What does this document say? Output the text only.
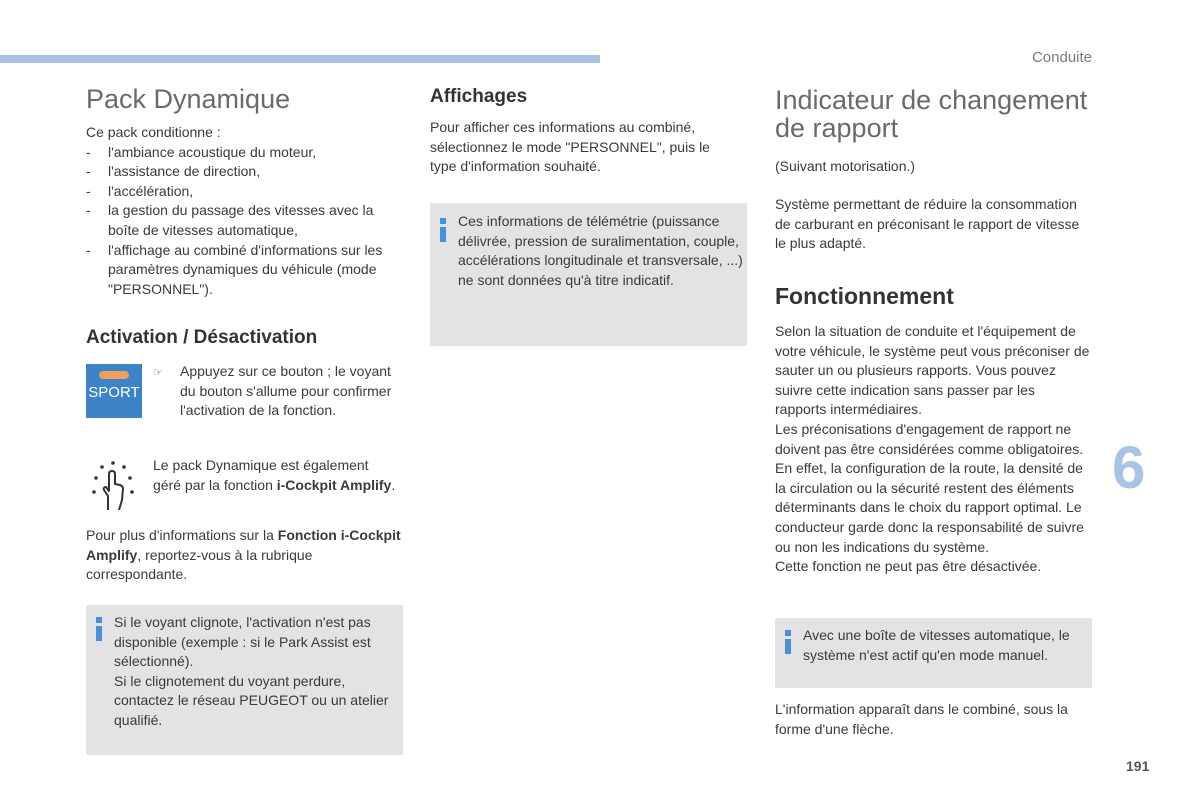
Conduite
6
191
Pack Dynamique

Ce pack conditionne :

- l'ambiance acoustique du moteur,
- l'assistance de direction,
- l'accélération,
- la gestion du passage des vitesses avec la boîte de vitesses automatique,
- l'affichage au combiné d'informations sur les paramètres dynamiques du véhicule (mode "PERSONNEL").
Activation / Désactivation
SPORT
☞ Appuyez sur ce bouton ; le voyant du bouton s'allume pour confirmer l'activation de la fonction.

Le pack Dynamique est également géré par la fonction i-Cockpit Amplify.

Pour plus d'informations sur la Fonction i-Cockpit Amplify, reportez-vous à la rubrique correspondante.

Si le voyant clignote, l'activation n'est pas disponible (exemple : si le Park Assist est sélectionné).

Si le clignotement du voyant perdure, contactez le réseau PEUGEOT ou un atelier qualifié.

Affichages

Pour afficher ces informations au combiné, sélectionnez le mode "PERSONNEL", puis le type d'information souhaité.

Ces informations de télémétrie (puissance délivrée, pression de suralimentation, couple, accélérations longitudinale et transversale, ...) ne sont données qu'à titre indicatif.

Indicateur de changement de rapport

(Suivant motorisation.)

Système permettant de réduire la consommation de carburant en préconisant le rapport de vitesse le plus adapté.

Fonctionnement

Selon la situation de conduite et l'équipement de votre véhicule, le système peut vous préconiser de sauter un ou plusieurs rapports. Vous pouvez suivre cette indication sans passer par les rapports intermédiaires.

Les préconisations d'engagement de rapport ne doivent pas être considérées comme obligatoires. En effet, la configuration de la route, la densité de la circulation ou la sécurité restent des éléments déterminants dans le choix du rapport optimal. Le conducteur garde donc la responsabilité de suivre ou non les indications du système.

Cette fonction ne peut pas être désactivée.

Avec une boîte de vitesses automatique, le système n'est actif qu'en mode manuel.

L'information apparaît dans le combiné, sous la forme d'une flèche.
